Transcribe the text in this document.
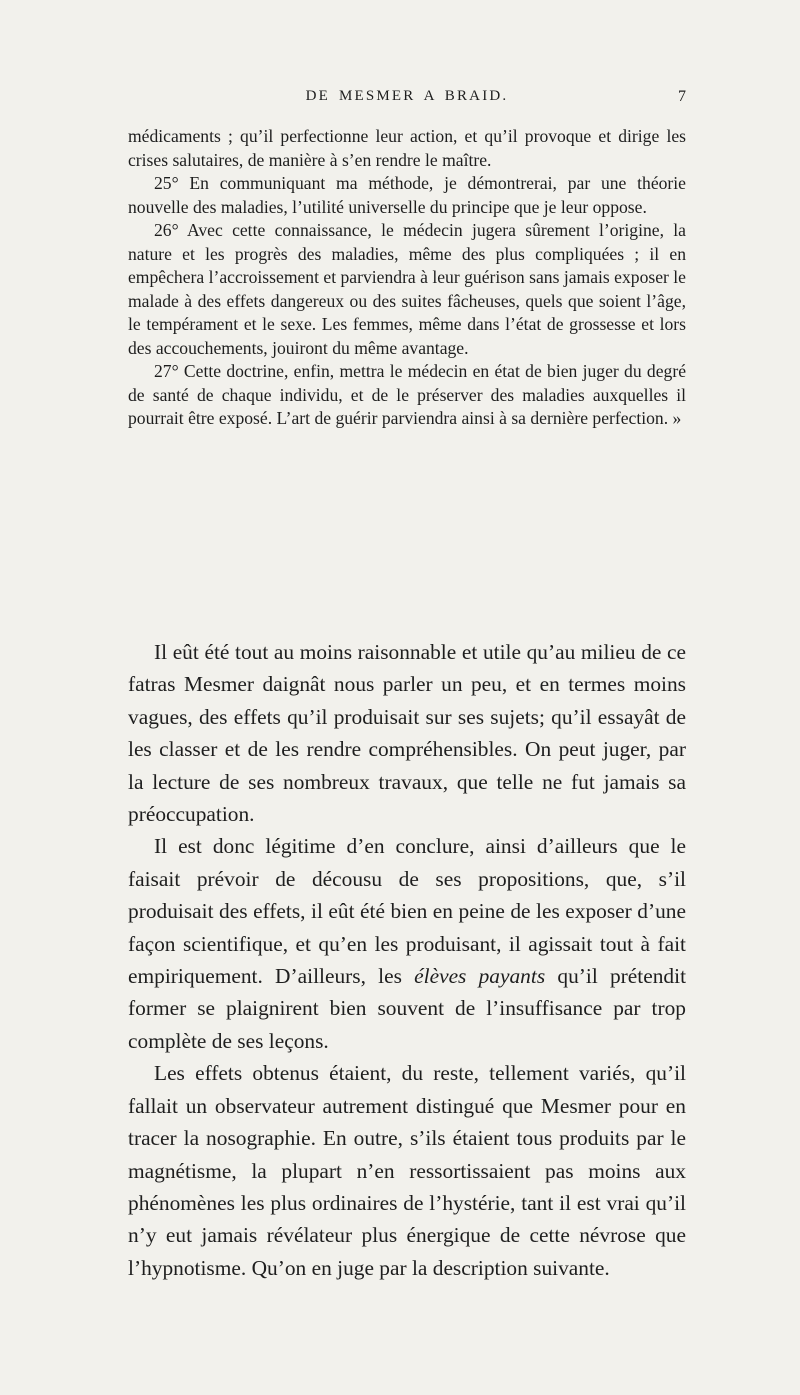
DE MESMER A BRAID.	7

médicaments ; qu’il perfectionne leur action, et qu’il provoque et dirige les crises salutaires, de manière à s’en rendre le maître.

25° En communiquant ma méthode, je démontrerai, par une théorie nouvelle des maladies, l’utilité universelle du principe que je leur oppose.

26° Avec cette connaissance, le médecin jugera sûrement l’origine, la nature et les progrès des maladies, même des plus compliquées ; il en empêchera l’accroissement et parviendra à leur guérison sans jamais exposer le malade à des effets dangereux ou des suites fâcheuses, quels que soient l’âge, le tempérament et le sexe. Les femmes, même dans l’état de grossesse et lors des accouchements, jouiront du même avantage.

27° Cette doctrine, enfin, mettra le médecin en état de bien juger du degré de santé de chaque individu, et de le préserver des maladies auxquelles il pourrait être exposé. L’art de guérir parviendra ainsi à sa dernière perfection. »

Il eût été tout au moins raisonnable et utile qu’au milieu de ce fatras Mesmer daignât nous parler un peu, et en termes moins vagues, des effets qu’il produisait sur ses sujets; qu’il essayât de les classer et de les rendre compréhensibles. On peut juger, par la lecture de ses nombreux travaux, que telle ne fut jamais sa préoccupation.

Il est donc légitime d’en conclure, ainsi d’ailleurs que le faisait prévoir de décousu de ses propositions, que, s’il produisait des effets, il eût été bien en peine de les exposer d’une façon scientifique, et qu’en les produisant, il agissait tout à fait empiriquement. D’ailleurs, les élèves payants qu’il prétendit former se plaignirent bien souvent de l’insuffisance par trop complète de ses leçons.

Les effets obtenus étaient, du reste, tellement variés, qu’il fallait un observateur autrement distingué que Mesmer pour en tracer la nosographie. En outre, s’ils étaient tous produits par le magnétisme, la plupart n’en ressortissaient pas moins aux phénomènes les plus ordinaires de l’hystérie, tant il est vrai qu’il n’y eut jamais révélateur plus énergique de cette névrose que l’hypnotisme. Qu’on en juge par la description suivante.
